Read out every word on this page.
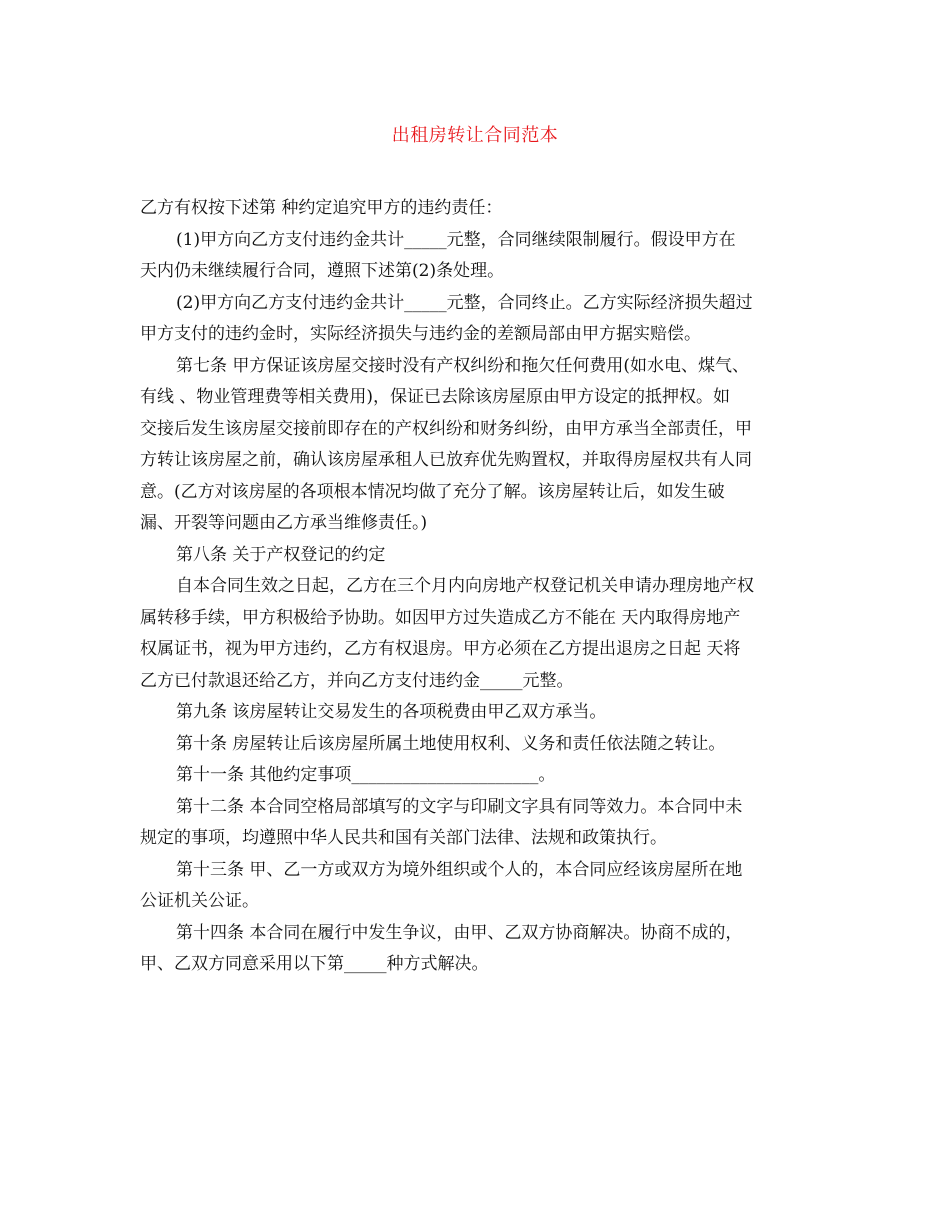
出租房转让合同范本

乙方有权按下述第 种约定追究甲方的违约责任：

(1)甲方向乙方支付违约金共计_____元整，合同继续限制履行。假设甲方在
天内仍未继续履行合同，遵照下述第(2)条处理。

(2)甲方向乙方支付违约金共计_____元整，合同终止。乙方实际经济损失超过
甲方支付的违约金时，实际经济损失与违约金的差额局部由甲方据实赔偿。

第七条 甲方保证该房屋交接时没有产权纠纷和拖欠任何费用(如水电、煤气、
有线 、物业管理费等相关费用)，保证已去除该房屋原由甲方设定的抵押权。如
交接后发生该房屋交接前即存在的产权纠纷和财务纠纷，由甲方承当全部责任，甲
方转让该房屋之前，确认该房屋承租人已放弃优先购置权，并取得房屋权共有人同
意。(乙方对该房屋的各项根本情况均做了充分了解。该房屋转让后，如发生破
漏、开裂等问题由乙方承当维修责任。)

第八条 关于产权登记的约定

自本合同生效之日起，乙方在三个月内向房地产权登记机关申请办理房地产权
属转移手续，甲方积极给予协助。如因甲方过失造成乙方不能在 天内取得房地产
权属证书，视为甲方违约，乙方有权退房。甲方必须在乙方提出退房之日起 天将
乙方已付款退还给乙方，并向乙方支付违约金_____元整。

第九条 该房屋转让交易发生的各项税费由甲乙双方承当。

第十条 房屋转让后该房屋所属土地使用权利、义务和责任依法随之转让。

第十一条 其他约定事项______________________。

第十二条 本合同空格局部填写的文字与印刷文字具有同等效力。本合同中未
规定的事项，均遵照中华人民共和国有关部门法律、法规和政策执行。

第十三条 甲、乙一方或双方为境外组织或个人的，本合同应经该房屋所在地
公证机关公证。

第十四条 本合同在履行中发生争议，由甲、乙双方协商解决。协商不成的，
甲、乙双方同意采用以下第_____种方式解决。
